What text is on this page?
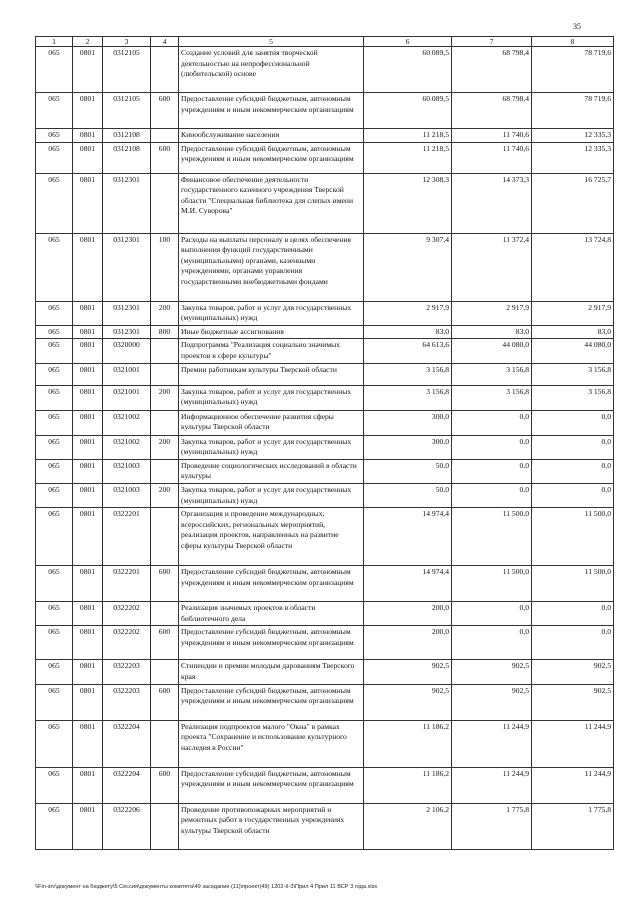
35
1	2	3	4	5	6	7	8
065	0801	0312105		Создание условий для занятия творческой деятельностью на непрофессиональной (любительской) основе	60 089,5	68 798,4	78 719,6
065	0801	0312105	600	Предоставление субсидий бюджетным, автономным учреждениям и иным некоммерческим организациям	60 089,5	68 798,4	78 719,6
065	0801	0312108		Кинообслуживание населения	11 218,5	11 740,6	12 335,3
065	0801	0312108	600	Предоставление субсидий бюджетным, автономным учреждениям и иным некоммерческим организациям	11 218,5	11 740,6	12 335,3
065	0801	0312301		Финансовое обеспечение деятельности государственного казенного учреждения Тверской области "Специальная библиотека для слепых имени М.И. Суворова"	12 308,3	14 373,3	16 725,7
065	0801	0312301	100	Расходы на выплаты персоналу в целях обеспечения выполнения функций государственными (муниципальными) органами, казенными учреждениями, органами управления государственными внебюджетными фондами	9 307,4	11 372,4	13 724,8
065	0801	0312301	200	Закупка товаров, работ и услуг для государственных (муниципальных) нужд	2 917,9	2 917,9	2 917,9
065	0801	0312301	800	Иные бюджетные ассигнования	83,0	83,0	83,0
065	0801	0320000		Подпрограмма "Реализация социально значимых проектов в сфере культуры"	64 613,6	44 080,0	44 080,0
065	0801	0321001		Премии работникам культуры Тверской области	3 156,8	3 156,8	3 156,8
065	0801	0321001	200	Закупка товаров, работ и услуг для государственных (муниципальных) нужд	3 156,8	3 156,8	3 156,8
065	0801	0321002		Информационное обеспечение развития сферы культуры Тверской области	300,0	0,0	0,0
065	0801	0321002	200	Закупка товаров, работ и услуг для государственных (муниципальных) нужд	300,0	0,0	0,0
065	0801	0321003		Проведение социологических исследований в области культуры	50,0	0,0	0,0
065	0801	0321003	200	Закупка товаров, работ и услуг для государственных (муниципальных) нужд	50,0	0,0	0,0
065	0801	0322201		Организация и проведение международных, всероссийских, региональных мероприятий, реализация проектов, направленных на развитие сферы культуры Тверской области	14 974,4	11 500,0	11 500,0
065	0801	0322201	600	Предоставление субсидий бюджетным, автономным учреждениям и иным некоммерческим организациям	14 974,4	11 500,0	11 500,0
065	0801	0322202		Реализация значимых проектов в области библиотечного дела	200,0	0,0	0,0
065	0801	0322202	600	Предоставление субсидий бюджетным, автономным учреждениям и иным некоммерческим организациям	200,0	0,0	0,0
065	0801	0322203		Стипендии и премии молодым дарованиям Тверского края	902,5	902,5	902,5
065	0801	0322203	600	Предоставление субсидий бюджетным, автономным учреждениям и иным некоммерческим организациям	902,5	902,5	902,5
065	0801	0322204		Реализация подпроектов малого "Окна" в рамках проекта "Сохранение и использование культурного наследия в России"	11 186,2	11 244,9	11 244,9
065	0801	0322204	600	Предоставление субсидий бюджетным, автономным учреждениям и иным некоммерческим организациям	11 186,2	11 244,9	11 244,9
065	0801	0322206		Проведение противопожарных мероприятий и ремонтных работ в государственных учреждениях культуры Тверской области	2 106,2	1 775,8	1 775,8
\\Fin-srv\документ на бюджету\5 Сессия\документы комитета\49 заседание (11)\проект(49) 1202-II-3\Прил 4 Прил 11 ВСР 3 года.xlsx
